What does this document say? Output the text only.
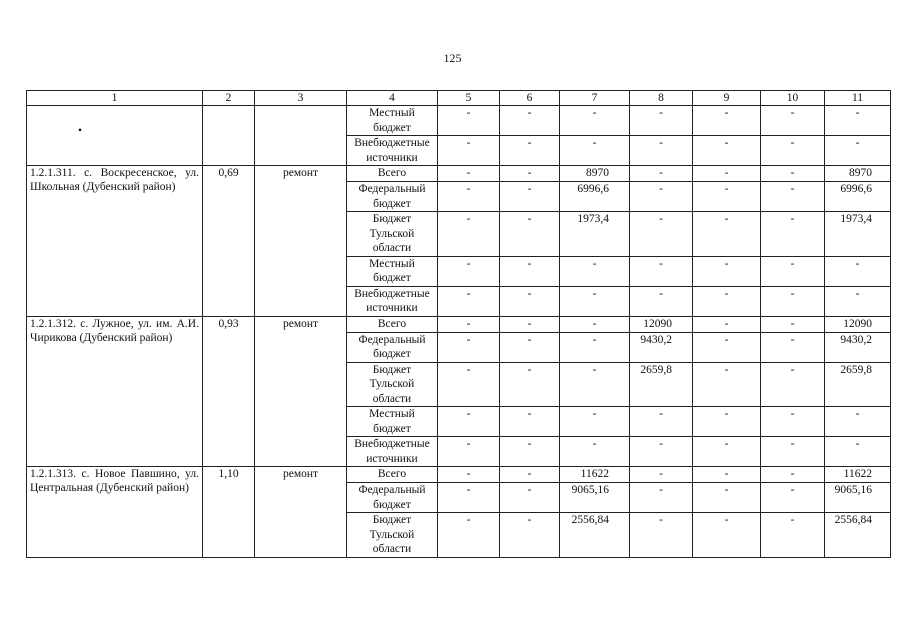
125
1	2	3	4	5	6	7	8	9	10	11
•			Местный бюджет	-	-	-	-	-	-	-
			Внебюджетные источники	-	-	-	-	-	-	-
1.2.1.311. с. Воскресенское, ул. Школьная (Дубенский район)	0,69	ремонт	Всего	-	-	8970	-	-	-	8970
			Федеральный бюджет	-	-	6996,6	-	-	-	6996,6
			Бюджет Тульской области	-	-	1973,4	-	-	-	1973,4
			Местный бюджет	-	-	-	-	-	-	-
			Внебюджетные источники	-	-	-	-	-	-	-
1.2.1.312. с. Лужное, ул. им. А.И. Чирикова (Дубенский район)	0,93	ремонт	Всего	-	-	-	12090	-	-	12090
			Федеральный бюджет	-	-	-	9430,2	-	-	9430,2
			Бюджет Тульской области	-	-	-	2659,8	-	-	2659,8
			Местный бюджет	-	-	-	-	-	-	-
			Внебюджетные источники	-	-	-	-	-	-	-
1.2.1.313. с. Новое Павшино, ул. Центральная (Дубенский район)	1,10	ремонт	Всего	-	-	11622	-	-	-	11622
			Федеральный бюджет	-	-	9065,16	-	-	-	9065,16
			Бюджет Тульской области	-	-	2556,84	-	-	-	2556,84
